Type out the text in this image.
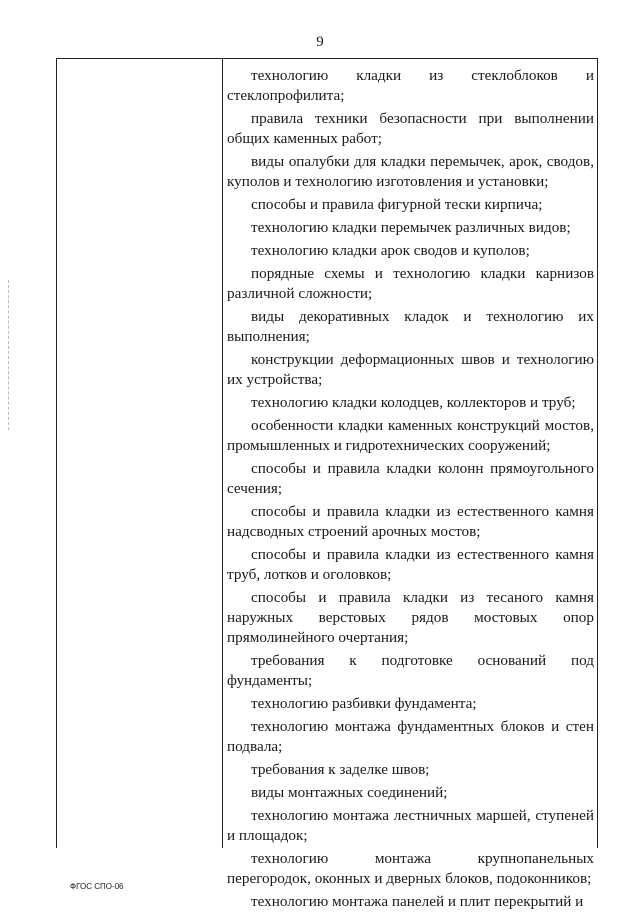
9
технологию кладки из стеклоблоков и стеклопрофилита;
правила техники безопасности при выполнении общих каменных работ;
виды опалубки для кладки перемычек, арок, сводов, куполов и технологию изготовления и установки;
способы и правила фигурной тески кирпича;
технологию кладки перемычек различных видов;
технологию кладки арок сводов и куполов;
порядные схемы и технологию кладки карнизов различной сложности;
виды декоративных кладок и технологию их выполнения;
конструкции деформационных швов и технологию их устройства;
технологию кладки колодцев, коллекторов и труб;
особенности кладки каменных конструкций мостов, промышленных и гидротехнических сооружений;
способы и правила кладки колонн прямоугольного сечения;
способы и правила кладки из естественного камня надсводных строений арочных мостов;
способы и правила кладки из естественного камня труб, лотков и оголовков;
способы и правила кладки из тесаного камня наружных верстовых рядов мостовых опор прямолинейного очертания;
требования к подготовке оснований под фундаменты;
технологию разбивки фундамента;
технологию монтажа фундаментных блоков и стен подвала;
требования к заделке швов;
виды монтажных соединений;
технологию монтажа лестничных маршей, ступеней и площадок;
технологию монтажа крупнопанельных перегородок, оконных и дверных блоков, подоконников;
технологию монтажа панелей и плит перекрытий и
ФГОС СПО-06
